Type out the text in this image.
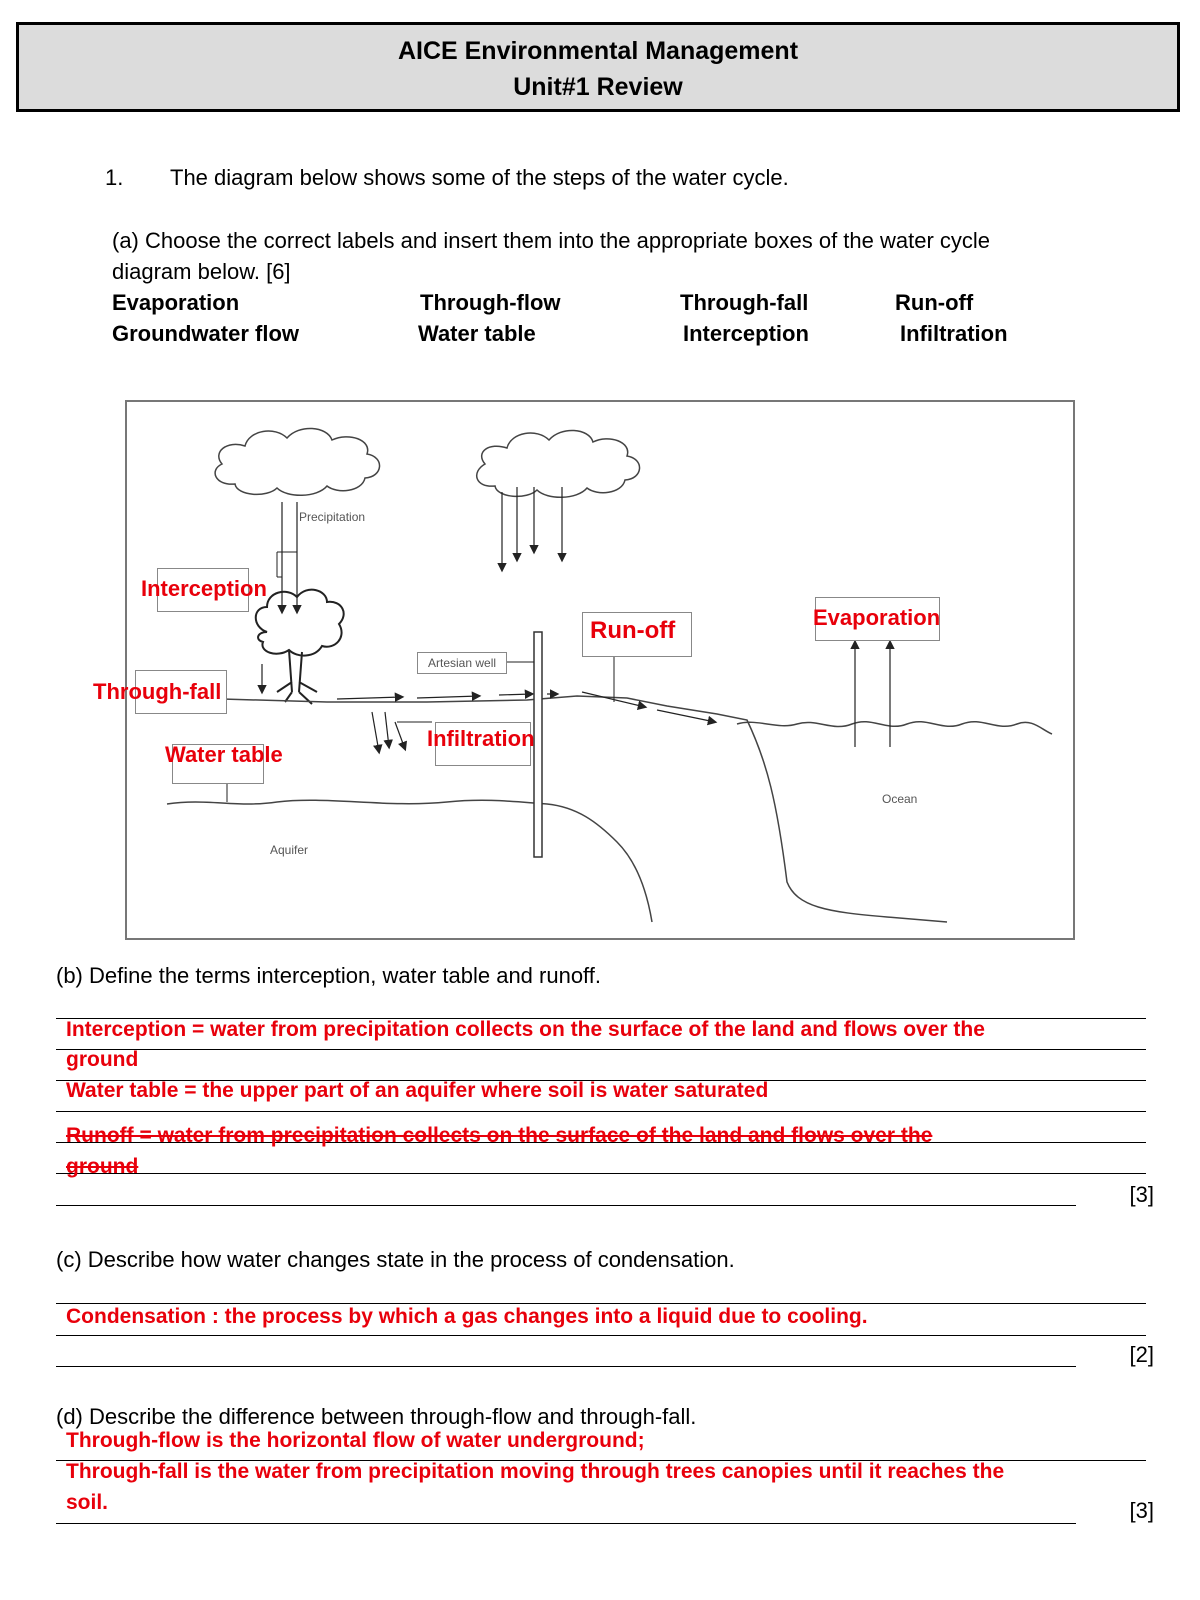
AICE Environmental Management
Unit#1 Review
1. The diagram below shows some of the steps of the water cycle.
(a) Choose the correct labels and insert them into the appropriate boxes of the water cycle
diagram below. [6]
Evaporation	Through-flow	Through-fall	Run-off
Groundwater flow	Water table	Interception	Infiltration
Precipitation
Artesian well
Ocean
Aquifer
Interception
Through-fall
Water table
Infiltration
Run-off	Evaporation
(b) Define the terms interception, water table and runoff.
Interception = water from precipitation collects on the surface of the land and flows over the
ground
Water table = the upper part of an aquifer where soil is water saturated
Runoff = water from precipitation collects on the surface of the land and flows over the
ground
[3]
(c) Describe how water changes state in the process of condensation.
Condensation : the process by which a gas changes into a liquid due to cooling.
[2]
(d) Describe the difference between through-flow and through-fall.
Through-flow is the horizontal flow of water underground;
Through-fall is the water from precipitation moving through trees canopies until it reaches the
soil.	[3]
